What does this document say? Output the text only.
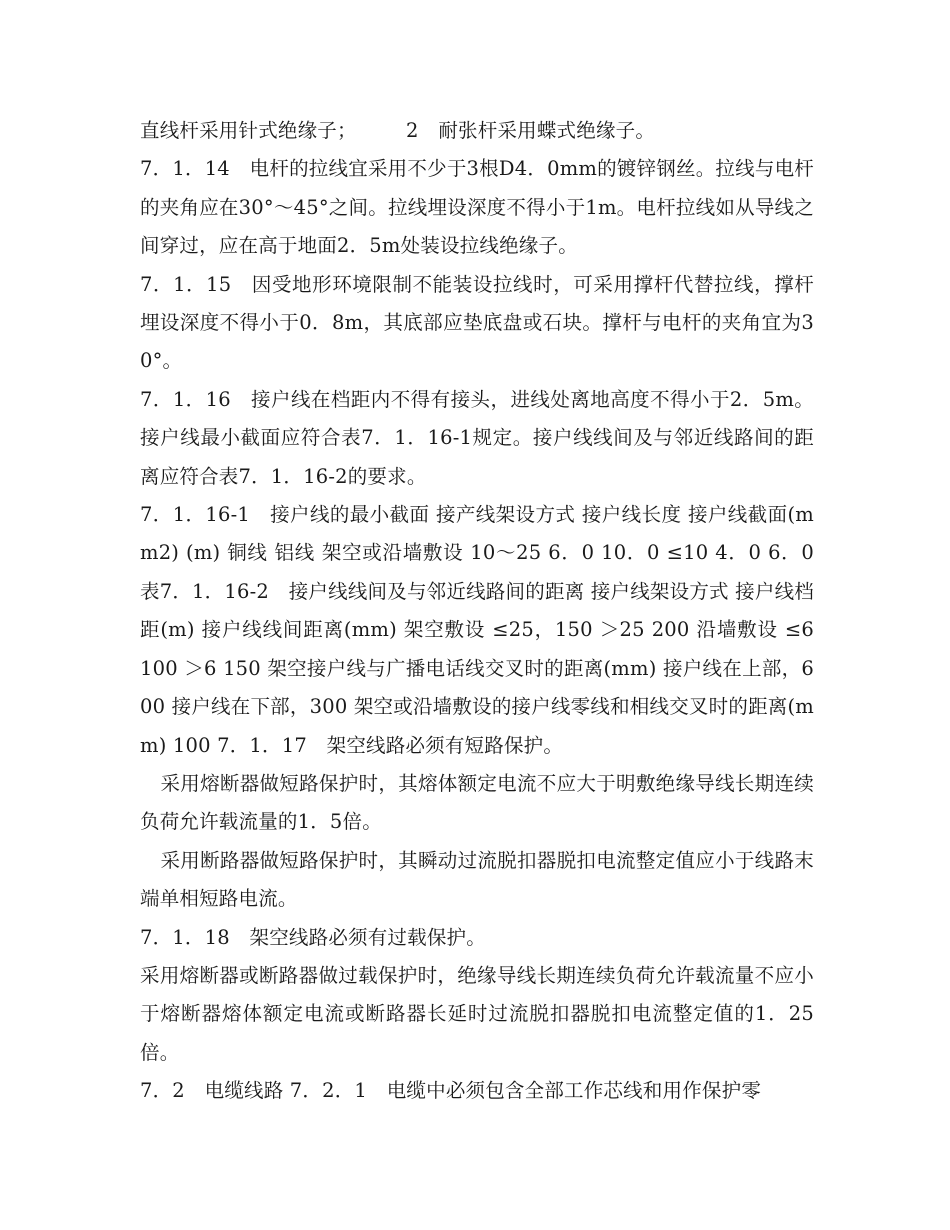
直线杆采用针式绝缘子；　　　2　耐张杆采用蝶式绝缘子。

7．1．14　电杆的拉线宜采用不少于3根D4．0mm的镀锌钢丝。拉线与电杆的夹角应在30°～45°之间。拉线埋设深度不得小于1m。电杆拉线如从导线之间穿过，应在高于地面2．5m处装设拉线绝缘子。

7．1．15　因受地形环境限制不能装设拉线时，可采用撑杆代替拉线，撑杆埋设深度不得小于0．8m，其底部应垫底盘或石块。撑杆与电杆的夹角宜为30°。

7．1．16　接户线在档距内不得有接头，进线处离地高度不得小于2．5m。接户线最小截面应符合表7．1．16-1规定。接户线线间及与邻近线路间的距离应符合表7．1．16-2的要求。

7．1．16-1　接户线的最小截面 接产线架设方式 接户线长度 接户线截面(mm2) (m) 铜线 铝线 架空或沿墙敷设 10～25 6．0 10．0 ≤10 4．0 6．0　表7．1．16-2　接户线线间及与邻近线路间的距离 接户线架设方式 接户线档距(m) 接户线线间距离(mm) 架空敷设 ≤25，150 ＞25 200 沿墙敷设 ≤6 100 ＞6 150 架空接户线与广播电话线交叉时的距离(mm) 接户线在上部，600 接户线在下部，300 架空或沿墙敷设的接户线零线和相线交叉时的距离(mm) 100 7．1．17　架空线路必须有短路保护。

采用熔断器做短路保护时，其熔体额定电流不应大于明敷绝缘导线长期连续负荷允许载流量的1．5倍。

采用断路器做短路保护时，其瞬动过流脱扣器脱扣电流整定值应小于线路末端单相短路电流。

7．1．18　架空线路必须有过载保护。

采用熔断器或断路器做过载保护时，绝缘导线长期连续负荷允许载流量不应小于熔断器熔体额定电流或断路器长延时过流脱扣器脱扣电流整定值的1．25倍。

7．2　电缆线路 7．2．1　电缆中必须包含全部工作芯线和用作保护零
